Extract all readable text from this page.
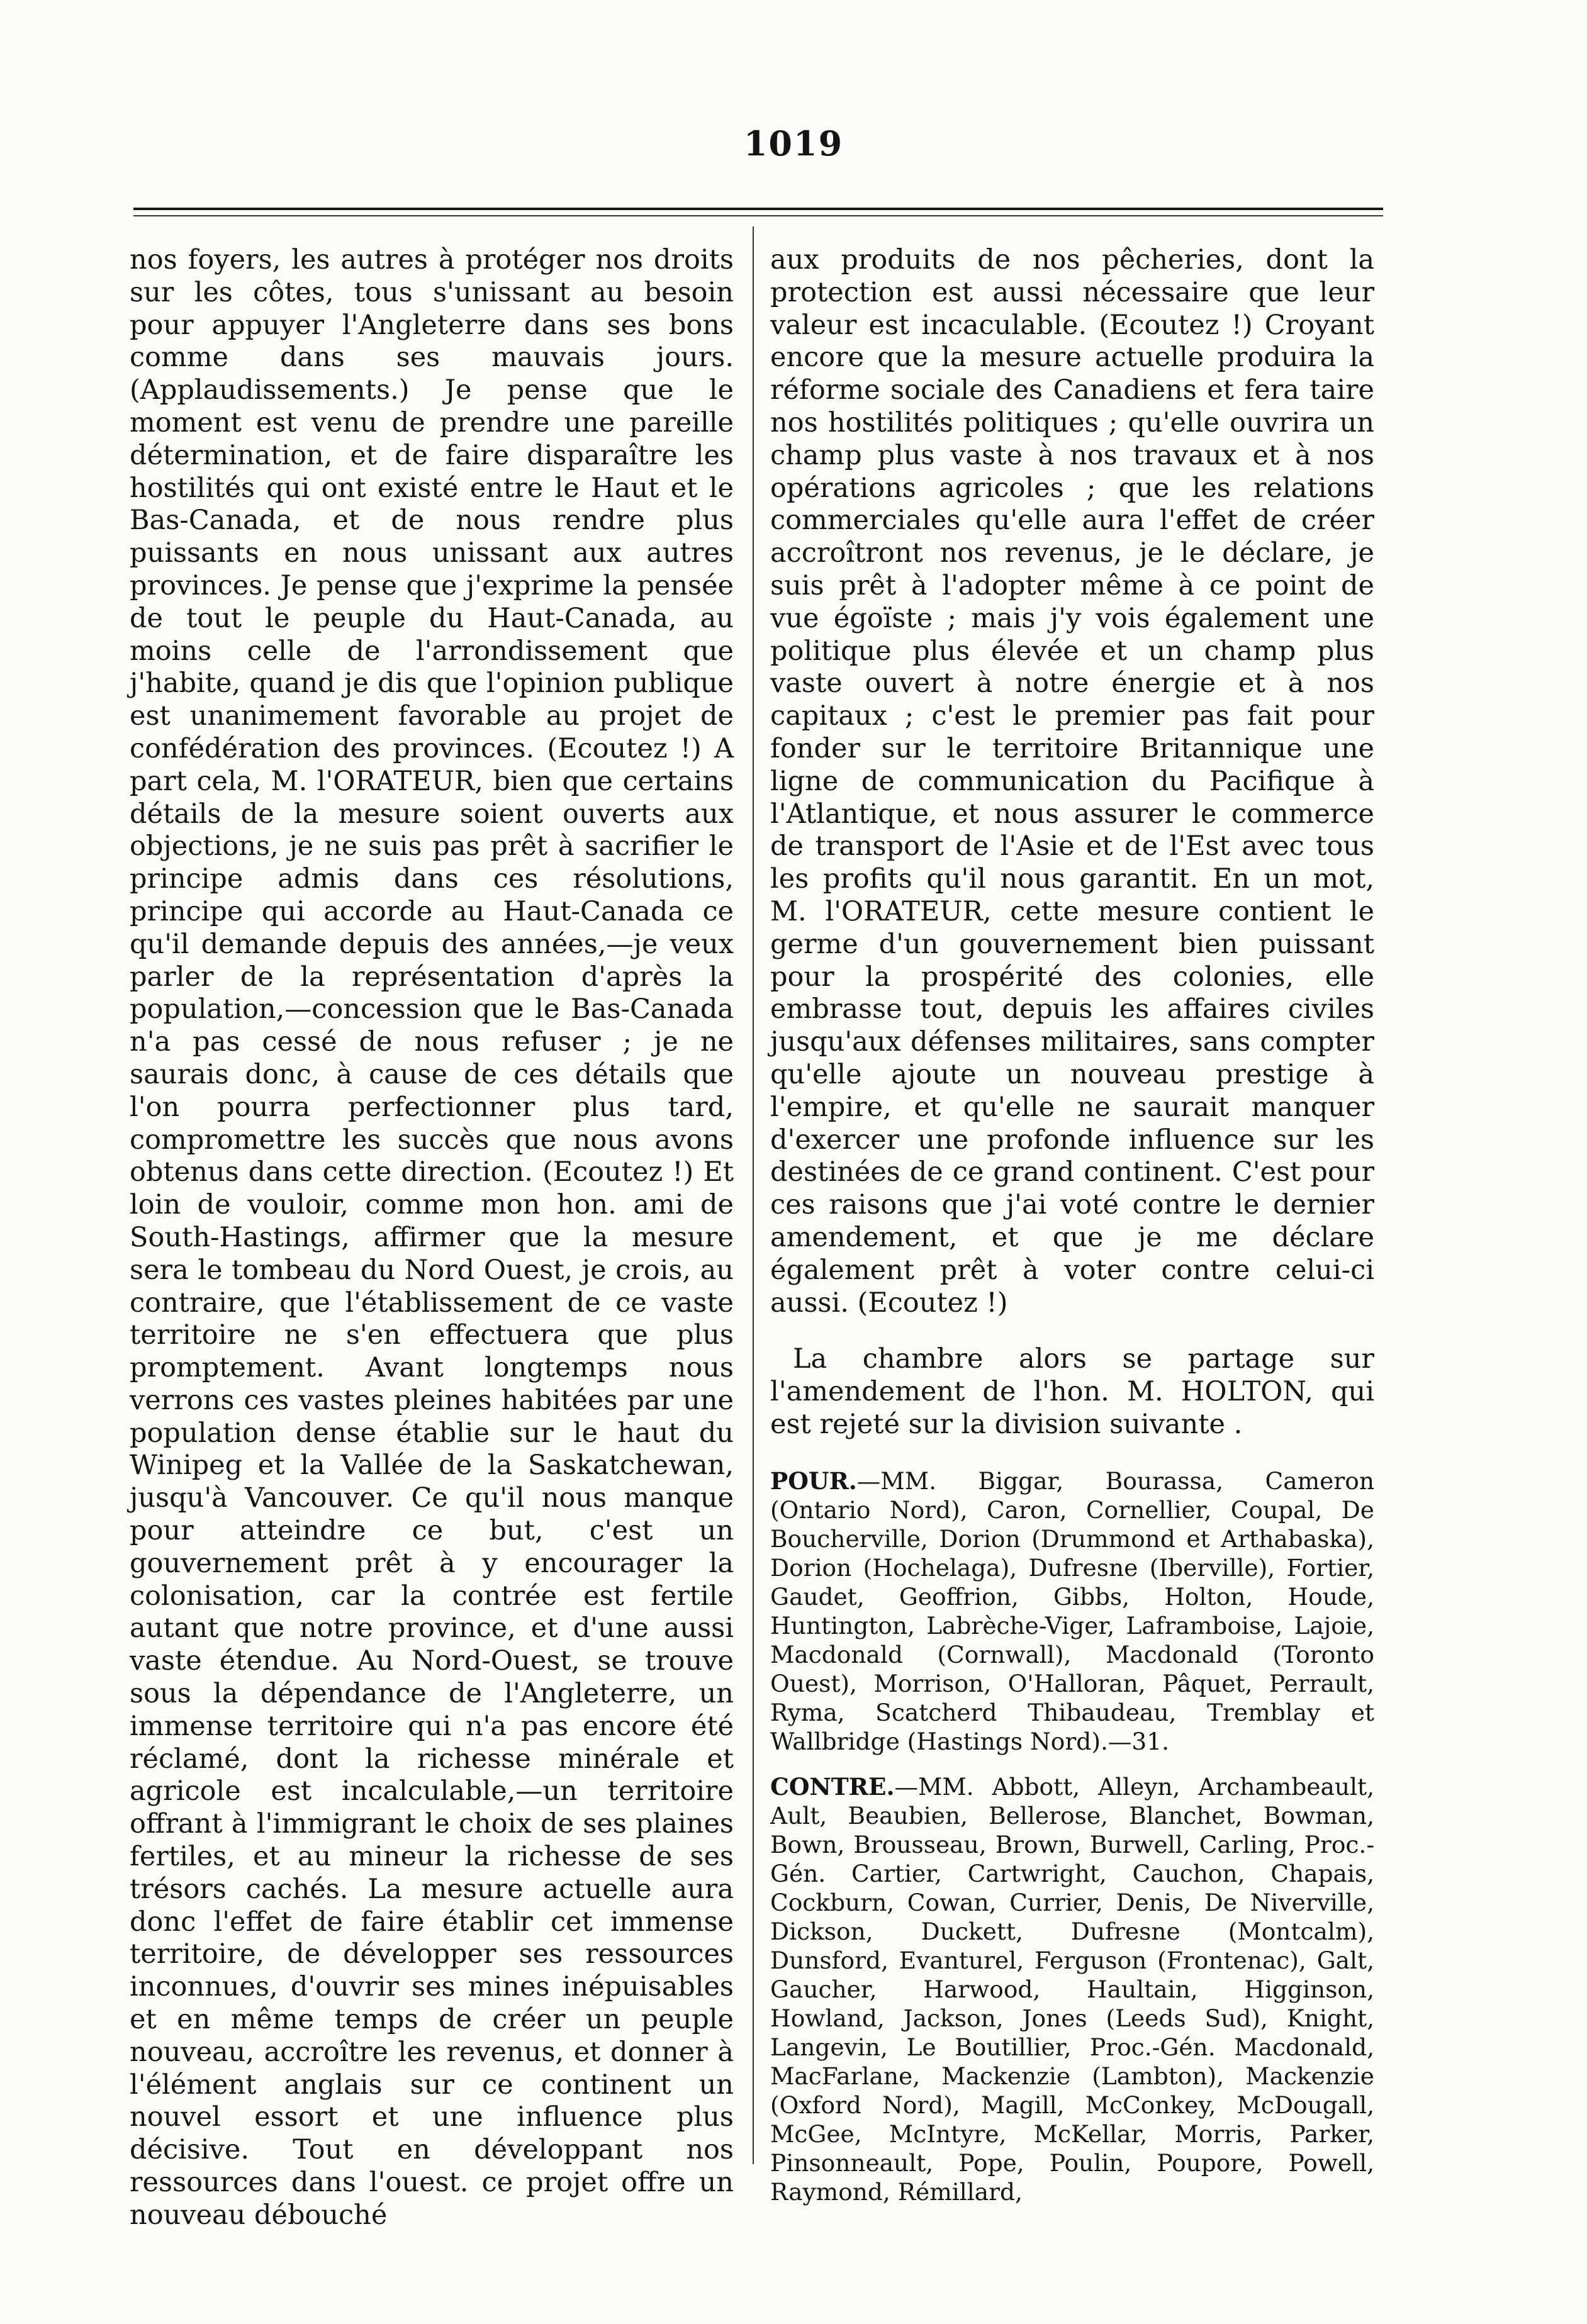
1019

nos foyers, les autres à protéger nos droits sur les côtes, tous s'unissant au besoin pour appuyer l'Angleterre dans ses bons comme dans ses mauvais jours. (Applaudissements.) Je pense que le moment est venu de prendre une pareille détermination, et de faire disparaître les hostilités qui ont existé entre le Haut et le Bas-Canada, et de nous rendre plus puissants en nous unissant aux autres provinces. Je pense que j'exprime la pensée de tout le peuple du Haut-Canada, au moins celle de l'arrondissement que j'habite, quand je dis que l'opinion publique est unanimement favorable au projet de confédération des provinces. (Ecoutez !) A part cela, M. l'ORATEUR, bien que certains détails de la mesure soient ouverts aux objections, je ne suis pas prêt à sacrifier le principe admis dans ces résolutions, principe qui accorde au Haut-Canada ce qu'il demande depuis des années,—je veux parler de la représentation d'après la population,—concession que le Bas-Canada n'a pas cessé de nous refuser ; je ne saurais donc, à cause de ces détails que l'on pourra perfectionner plus tard, compromettre les succès que nous avons obtenus dans cette direction. (Ecoutez !) Et loin de vouloir, comme mon hon. ami de South-Hastings, affirmer que la mesure sera le tombeau du Nord Ouest, je crois, au contraire, que l'établissement de ce vaste territoire ne s'en effectuera que plus promptement. Avant longtemps nous verrons ces vastes pleines habitées par une population dense établie sur le haut du Winipeg et la Vallée de la Saskatchewan, jusqu'à Vancouver. Ce qu'il nous manque pour atteindre ce but, c'est un gouvernement prêt à y encourager la colonisation, car la contrée est fertile autant que notre province, et d'une aussi vaste étendue. Au Nord-Ouest, se trouve sous la dépendance de l'Angleterre, un immense territoire qui n'a pas encore été réclamé, dont la richesse minérale et agricole est incalculable,—un territoire offrant à l'immigrant le choix de ses plaines fertiles, et au mineur la richesse de ses trésors cachés. La mesure actuelle aura donc l'effet de faire établir cet immense territoire, de développer ses ressources inconnues, d'ouvrir ses mines inépuisables et en même temps de créer un peuple nouveau, accroître les revenus, et donner à l'élément anglais sur ce continent un nouvel essort et une influence plus décisive. Tout en développant nos ressources dans l'ouest. ce projet offre un nouveau débouché

aux produits de nos pêcheries, dont la protection est aussi nécessaire que leur valeur est incaculable. (Ecoutez !) Croyant encore que la mesure actuelle produira la réforme sociale des Canadiens et fera taire nos hostilités politiques ; qu'elle ouvrira un champ plus vaste à nos travaux et à nos opérations agricoles ; que les relations commerciales qu'elle aura l'effet de créer accroîtront nos revenus, je le déclare, je suis prêt à l'adopter même à ce point de vue égoïste ; mais j'y vois également une politique plus élevée et un champ plus vaste ouvert à notre énergie et à nos capitaux ; c'est le premier pas fait pour fonder sur le territoire Britannique une ligne de communication du Pacifique à l'Atlantique, et nous assurer le commerce de transport de l'Asie et de l'Est avec tous les profits qu'il nous garantit. En un mot, M. l'ORATEUR, cette mesure contient le germe d'un gouvernement bien puissant pour la prospérité des colonies, elle embrasse tout, depuis les affaires civiles jusqu'aux défenses militaires, sans compter qu'elle ajoute un nouveau prestige à l'empire, et qu'elle ne saurait manquer d'exercer une profonde influence sur les destinées de ce grand continent. C'est pour ces raisons que j'ai voté contre le dernier amendement, et que je me déclare également prêt à voter contre celui-ci aussi. (Ecoutez !)

La chambre alors se partage sur l'amendement de l'hon. M. HOLTON, qui est rejeté sur la division suivante .

POUR.—MM. Biggar, Bourassa, Cameron (Ontario Nord), Caron, Cornellier, Coupal, De Boucherville, Dorion (Drummond et Arthabaska), Dorion (Hochelaga), Dufresne (Iberville), Fortier, Gaudet, Geoffrion, Gibbs, Holton, Houde, Huntington, Labrèche-Viger, Laframboise, Lajoie, Macdonald (Cornwall), Macdonald (Toronto Ouest), Morrison, O'Halloran, Pâquet, Perrault, Ryma, Scatcherd Thibaudeau, Tremblay et Wallbridge (Hastings Nord).—31.

CONTRE.—MM. Abbott, Alleyn, Archambeault, Ault, Beaubien, Bellerose, Blanchet, Bowman, Bown, Brousseau, Brown, Burwell, Carling, Proc.-Gén. Cartier, Cartwright, Cauchon, Chapais, Cockburn, Cowan, Currier, Denis, De Niverville, Dickson, Duckett, Dufresne (Montcalm), Dunsford, Evanturel, Ferguson (Frontenac), Galt, Gaucher, Harwood, Haultain, Higginson, Howland, Jackson, Jones (Leeds Sud), Knight, Langevin, Le Boutillier, Proc.-Gén. Macdonald, MacFarlane, Mackenzie (Lambton), Mackenzie (Oxford Nord), Magill, McConkey, McDougall, McGee, McIntyre, McKellar, Morris, Parker, Pinsonneault, Pope, Poulin, Poupore, Powell, Raymond, Rémillard,
